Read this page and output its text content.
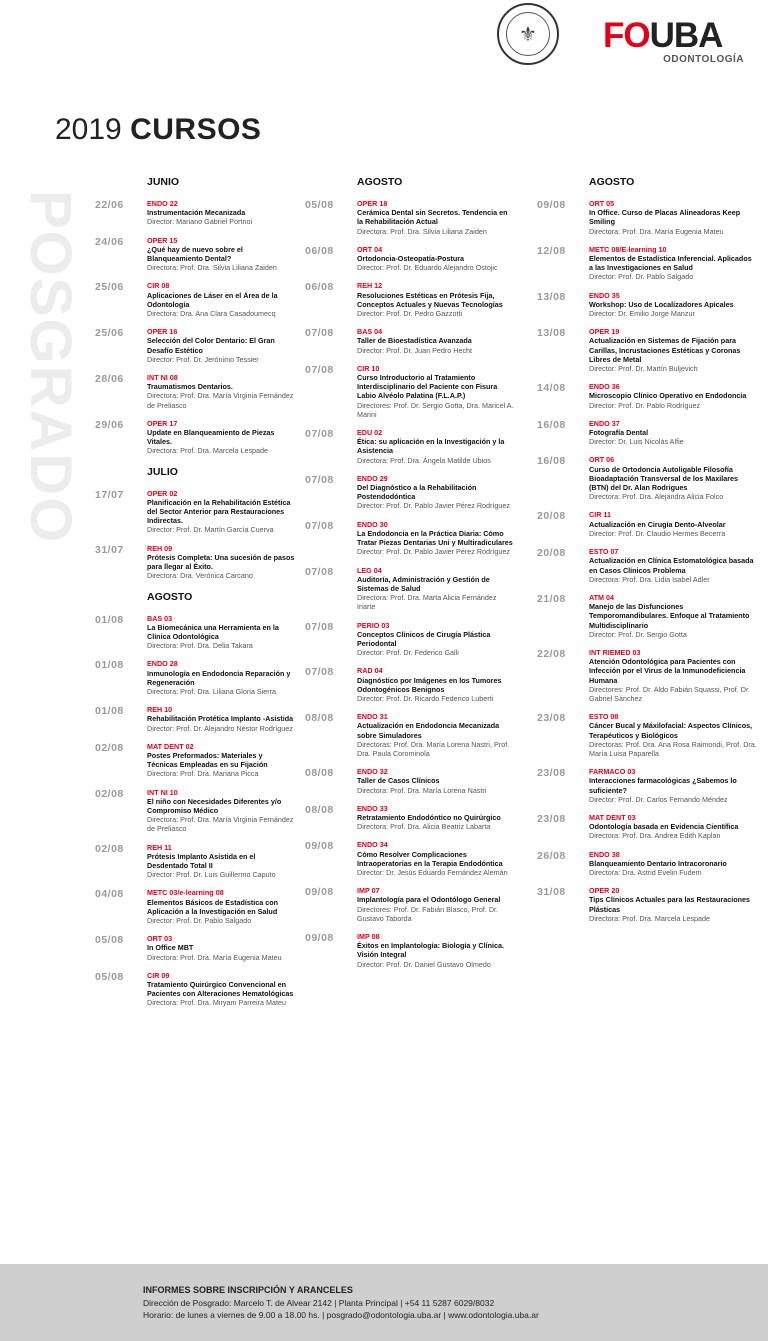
⚜	FOUBA
ODONTOLOGÍA
2019 CURSOS
POSGRADO
JUNIO
22/06	ENDO 22
Instrumentación Mecanizada
Director: Mariano Gabriel Portnoi
24/06	OPER 15
¿Qué hay de nuevo sobre el Blanqueamiento Dental?
Directora: Prof. Dra. Silvia Liliana Zaiden
25/06	CIR 08
Aplicaciones de Láser en el Área de la Odontología
Directora: Dra. Ana Clara Casadoumecq
25/06	OPER 16
Selección del Color Dentario: El Gran Desafío Estético
Director: Prof. Dr. Jerónimo Tessier
28/06	INT NI 08
Traumatismos Dentarios.
Directora: Prof. Dra. María Virginia Fernández de Preliasco
29/06	OPER 17
Update en Blanqueamiento de Piezas Vitales.
Directora: Prof. Dra. Marcela Lespade
JULIO
17/07	OPER 02
Planificación en la Rehabilitación Estética del Sector Anterior para Restauraciones Indirectas.
Director: Prof. Dr. Martín García Cuerva
31/07	REH 09
Prótesis Completa: Una sucesión de pasos para llegar al Éxito.
Directora: Dra. Verónica Carcano
AGOSTO
01/08	BAS 03
La Biomecánica una Herramienta en la Clínica Odontológica
Directora: Prof. Dra. Delia Takara
01/08	ENDO 28
Inmunología en Endodoncia Reparación y Regeneración
Directora: Prof. Dra. Liliana Gloria Sierra
01/08	REH 10
Rehabilitación Protética Implanto -Asistida
Director: Prof. Dr. Alejandro Néstor Rodríguez
02/08	MAT DENT 02
Postes Preformados: Materiales y Técnicas Empleadas en su Fijación
Directora: Prof. Dra. Mariana Picca
02/08	INT NI 10
El niño con Necesidades Diferentes y/o Compromiso Médico
Directora: Prof. Dra. María Virginia Fernández de Preliasco
02/08	REH 11
Prótesis Implanto Asistida en el Desdentado Total II
Director: Prof. Dr. Luis Guillermo Caputo
04/08	METC 03/e-learning 08
Elementos Básicos de Estadística con Aplicación a la Investigación en Salud
Director: Prof. Dr. Pablo Salgado
05/08	ORT 03
In Office MBT
Directora: Prof. Dra. María Eugenia Mateu
05/08	CIR 09
Tratamiento Quirúrgico Convencional en Pacientes con Alteraciones Hematológicas
Directora: Prof. Dra. Miryam Parreira Mateu
AGOSTO
05/08	OPER 18
Cerámica Dental sin Secretos. Tendencia en la Rehabilitación Actual
Directora: Prof. Dra. Silvia Liliana Zaiden
06/08	ORT 04
Ortodoncia-Osteopatía-Postura
Director: Prof. Dr. Eduardo Alejandro Ostojic
06/08	REH 12
Resoluciones Estéticas en Prótesis Fija, Conceptos Actuales y Nuevas Tecnologías
Director: Prof. Dr. Pedro Gazzotti
07/08	BAS 04
Taller de Bioestadística Avanzada
Director: Prof. Dr. Juan Pedro Hecht
07/08	CIR 10
Curso Introductorio al Tratamiento Interdisciplinario del Paciente con Fisura Labio Alvéolo Palatina (F.L.A.P.)
Directores: Prof. Dr. Sergio Gotta, Dra. Maricel A. Marini
07/08	EDU 02
Ética: su aplicación en la Investigación y la Asistencia
Directora: Prof. Dra. Ángela Matilde Ubios
07/08	ENDO 29
Del Diagnóstico a la Rehabilitación Postendodóntica
Director: Prof. Dr. Pablo Javier Pérez Rodríguez
07/08	ENDO 30
La Endodoncia en la Práctica Diaria: Cómo Tratar Piezas Dentarias Uni y Multiradiculares
Director: Prof. Dr. Pablo Javier Pérez Rodríguez
07/08	LEG 04
Auditoría, Administración y Gestión de Sistemas de Salud
Directora: Prof. Dra. Marta Alicia Fernández Iriarte
07/08	PERIO 03
Conceptos Clínicos de Cirugía Plástica Periodontal
Director: Prof. Dr. Federico Galli
07/08	RAD 04
Diagnóstico por Imágenes en los Tumores Odontogénicos Benignos
Director: Prof. Dr. Ricardo Federico Luberti
08/08	ENDO 31
Actualización en Endodoncia Mecanizada sobre Simuladores
Directoras: Prof. Dra. María Lorena Nastri, Prof. Dra. Paula Corominola
08/08	ENDO 32
Taller de Casos Clínicos
Directora: Prof. Dra. María Lorena Nastri
08/08	ENDO 33
Retratamiento Endodóntico no Quirúrgico
Directora: Prof. Dra. Alicia Beatriz Labarta
09/08	ENDO 34
Cómo Resolver Complicaciones Intraoperatorias en la Terapia Endodóntica
Director: Dr. Jesús Eduardo Fernández Alemán
09/08	IMP 07
Implantología para el Odontólogo General
Directores: Prof. Dr. Fabián Blasco, Prof. Dr. Gustavo Taborda
09/08	IMP 08
Éxitos en Implantología: Biología y Clínica. Visión Integral
Director: Prof. Dr. Daniel Gustavo Olmedo
AGOSTO
09/08	ORT 05
In Office. Curso de Placas Alineadoras Keep Smiling
Directora: Prof. Dra. María Eugenia Mateu
12/08	METC 08/E-learning 10
Elementos de Estadística Inferencial. Aplicados a las Investigaciones en Salud
Director: Prof. Dr. Pablo Salgado
13/08	ENDO 35
Workshop: Uso de Localizadores Apicales
Director: Dr. Emilio Jorge Manzur
13/08	OPER 19
Actualización en Sistemas de Fijación para Carillas, Incrustaciones Estéticas y Coronas Libres de Metal
Director: Prof. Dr. Martín Buljevich
14/08	ENDO 36
Microscopio Clínico Operativo en Endodoncia
Director: Prof. Dr. Pablo Rodríguez
16/08	ENDO 37
Fotografía Dental
Director: Dr. Luis Nicolás Alfie
16/08	ORT 06
Curso de Ortodoncia Autoligable Filosofía Bioadaptación Transversal de los Maxilares (BTN) del Dr. Alan Rodrigues
Directora: Prof. Dra. Alejandra Alicia Folco
20/08	CIR 11
Actualización en Cirugía Dento-Alveolar
Director: Prof. Dr. Claudio Hermes Becerra
20/08	ESTO 07
Actualización en Clínica Estomatológica basada en Casos Clínicos Problema
Directora: Prof. Dra. Lidia Isabel Adler
21/08	ATM 04
Manejo de las Disfunciones Temporomandibulares. Enfoque al Tratamiento Multidisciplinario
Director: Prof. Dr. Sergio Gotta
22/08	INT RIEMED 03
Atención Odontológica para Pacientes con Infección por el Virus de la Inmunodeficiencia Humana
Directores: Prof. Dr. Aldo Fabián Squassi, Prof. Dr. Gabriel Sánchez
23/08	ESTO 08
Cáncer Bucal y Máxilofacial: Aspectos Clínicos, Terapéuticos y Biológicos
Directoras: Prof. Dra. Ana Rosa Raimondi, Prof. Dra. María Luisa Paparella
23/08	FARMACO 03
Interacciones farmacológicas ¿Sabemos lo suficiente?
Director: Prof. Dr. Carlos Fernando Méndez
23/08	MAT DENT 03
Odontología basada en Evidencia Científica
Directora: Prof. Dra. Andrea Edith Kaplan
26/08	ENDO 38
Blanqueamiento Dentario Intracoronario
Directora: Dra. Astrid Evelin Fudem
31/08	OPER 20
Tips Clínicos Actuales para las Restauraciones Plásticas
Directora: Prof. Dra. Marcela Lespade
INFORMES SOBRE INSCRIPCIÓN Y ARANCELES
Dirección de Posgrado: Marcelo T. de Alvear 2142 | Planta Principal | +54 11 5287 6029/8032
Horario: de lunes a viernes de 9.00 a 18.00 hs. | posgrado@odontologia.uba.ar | www.odontologia.uba.ar
